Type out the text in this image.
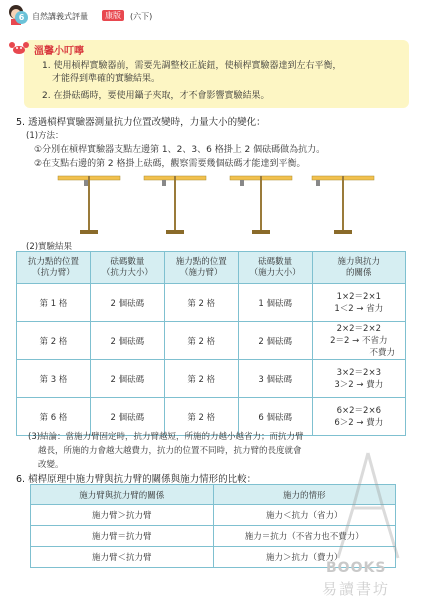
6 自然講義式評量	康版	(六下)
溫馨小叮嚀
1. 使用槓桿實驗器前，需要先調整校正旋鈕，使槓桿實驗器達到左右平衡，
才能得到準確的實驗結果。
2. 在掛砝碼時，要使用鑷子夾取，才不會影響實驗結果。
5. 透過槓桿實驗器測量抗力位置改變時，力量大小的變化：
(1)方法：
①分別在槓桿實驗器支點左邊第 1、2、3、6 格掛上 2 個砝碼做為抗力。
②在支點右邊的第 2 格掛上砝碼，觀察需要幾個砝碼才能達到平衡。
(2)實驗結果
抗力點的位置
（抗力臂）	砝碼數量
（抗力大小）	施力點的位置
（施力臂）	砝碼數量
（施力大小）	施力與抗力
的關係
第 1 格	2 個砝碼	第 2 格	1 個砝碼	1×2＝2×1
1＜2 → 省力

第 2 格	2 個砝碼	第 2 格	2 個砝碼	2×2＝2×2
2＝2 → 不省力
不費力

第 3 格	2 個砝碼	第 2 格	3 個砝碼	3×2＝2×3
3＞2 → 費力

第 6 格	2 個砝碼	第 2 格	6 個砝碼	6×2＝2×6
6＞2 → 費力
(3)結論：當施力臂固定時，抗力臂越短，所施的力越小越省力；而抗力臂
越長，所施的力會越大越費力，抗力的位置不同時，抗力臂的長度就會
改變。
6. 槓桿原理中施力臂與抗力臂的關係與施力情形的比較：
施力臂與抗力臂的關係	施力的情形
施力臂＞抗力臂	施力＜抗力（省力）
施力臂＝抗力臂	施力＝抗力（不省力也不費力）
施力臂＜抗力臂	施力＞抗力（費力）
BOOKS
易讀書坊
